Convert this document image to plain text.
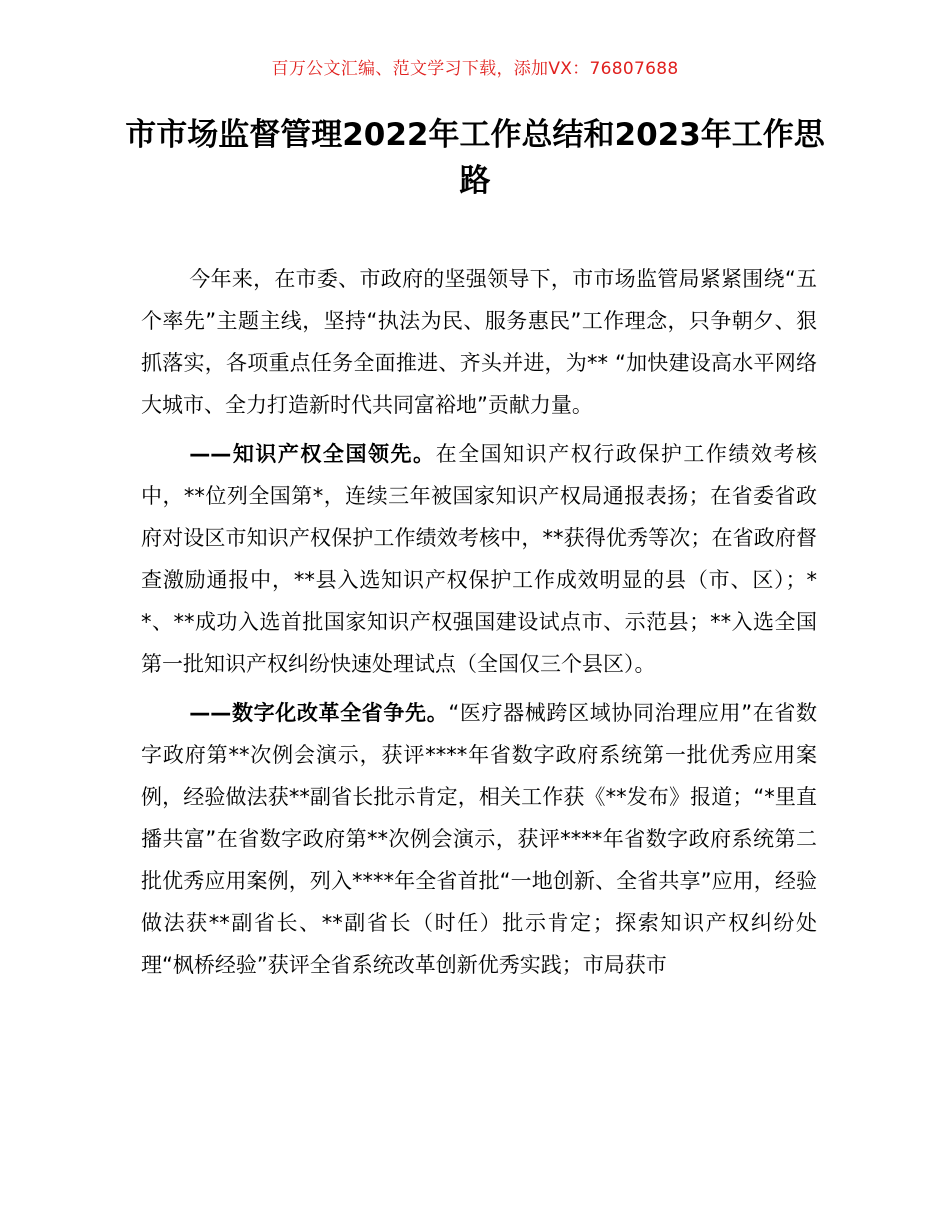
百万公文汇编、范文学习下载，添加VX：76807688
市市场监督管理2022年工作总结和2023年工作思路

今年来，在市委、市政府的坚强领导下，市市场监管局紧紧围绕“五个率先”主题主线，坚持“执法为民、服务惠民”工作理念，只争朝夕、狠抓落实，各项重点任务全面推进、齐头并进，为** “加快建设高水平网络大城市、全力打造新时代共同富裕地”贡献力量。

——知识产权全国领先。在全国知识产权行政保护工作绩效考核中，**位列全国第*，连续三年被国家知识产权局通报表扬；在省委省政府对设区市知识产权保护工作绩效考核中，**获得优秀等次；在省政府督查激励通报中，**县入选知识产权保护工作成效明显的县（市、区）；**、**成功入选首批国家知识产权强国建设试点市、示范县；**入选全国第一批知识产权纠纷快速处理试点（全国仅三个县区）。

——数字化改革全省争先。“医疗器械跨区域协同治理应用”在省数字政府第**次例会演示，获评****年省数字政府系统第一批优秀应用案例，经验做法获**副省长批示肯定，相关工作获《**发布》报道；“*里直播共富”在省数字政府第**次例会演示，获评****年省数字政府系统第二批优秀应用案例，列入****年全省首批“一地创新、全省共享”应用，经验做法获**副省长、**副省长（时任）批示肯定；探索知识产权纠纷处理“枫桥经验”获评全省系统改革创新优秀实践；市局获市
